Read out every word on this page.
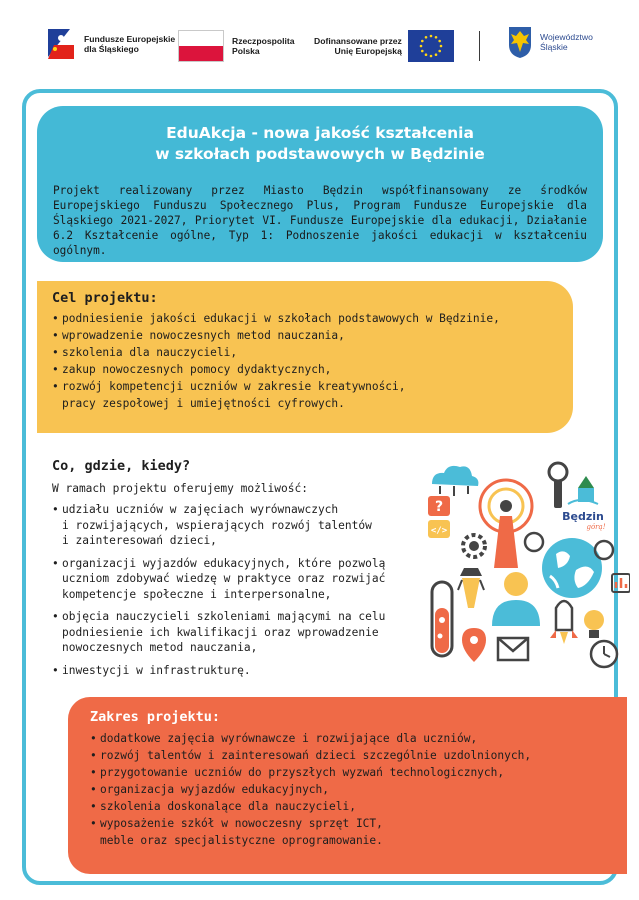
Fundusze Europejskie
dla Śląskiego
Rzeczpospolita
Polska
Dofinansowane przez
Unię Europejską
Województwo
Śląskie
EduAkcja - nowa jakość kształcenia
w szkołach podstawowych w Będzinie

Projekt realizowany przez Miasto Będzin współfinansowany ze środków Europejskiego Funduszu Społecznego Plus, Program Fundusze Europejskie dla Śląskiego 2021-2027, Priorytet VI. Fundusze Europejskie dla edukacji, Działanie 6.2 Kształcenie ogólne, Typ 1: Podnoszenie jakości edukacji w kształceniu ogólnym.

Cel projektu:
• podniesienie jakości edukacji w szkołach podstawowych w Będzinie,
• wprowadzenie nowoczesnych metod nauczania,
• szkolenia dla nauczycieli,
• zakup nowoczesnych pomocy dydaktycznych,
• rozwój kompetencji uczniów w zakresie kreatywności,
pracy zespołowej i umiejętności cyfrowych.
Co, gdzie, kiedy?

W ramach projektu oferujemy możliwość:

• udziału uczniów w zajęciach wyrównawczych
i rozwijających, wspierających rozwój talentów
i zainteresowań dzieci,
• organizacji wyjazdów edukacyjnych, które pozwolą
uczniom zdobywać wiedzę w praktyce oraz rozwijać
kompetencje społeczne i interpersonalne,
• objęcia nauczycieli szkoleniami mającymi na celu
podniesienie ich kwalifikacji oraz wprowadzenie
nowoczesnych metod nauczania,
• inwestycji w infrastrukturę.
?
</>
Będzin
górą!
Zakres projektu:
• dodatkowe zajęcia wyrównawcze i rozwijające dla uczniów,
• rozwój talentów i zainteresowań dzieci szczególnie uzdolnionych,
• przygotowanie uczniów do przyszłych wyzwań technologicznych,
• organizacja wyjazdów edukacyjnych,
• szkolenia doskonalące dla nauczycieli,
• wyposażenie szkół w nowoczesny sprzęt ICT,
meble oraz specjalistyczne oprogramowanie.
